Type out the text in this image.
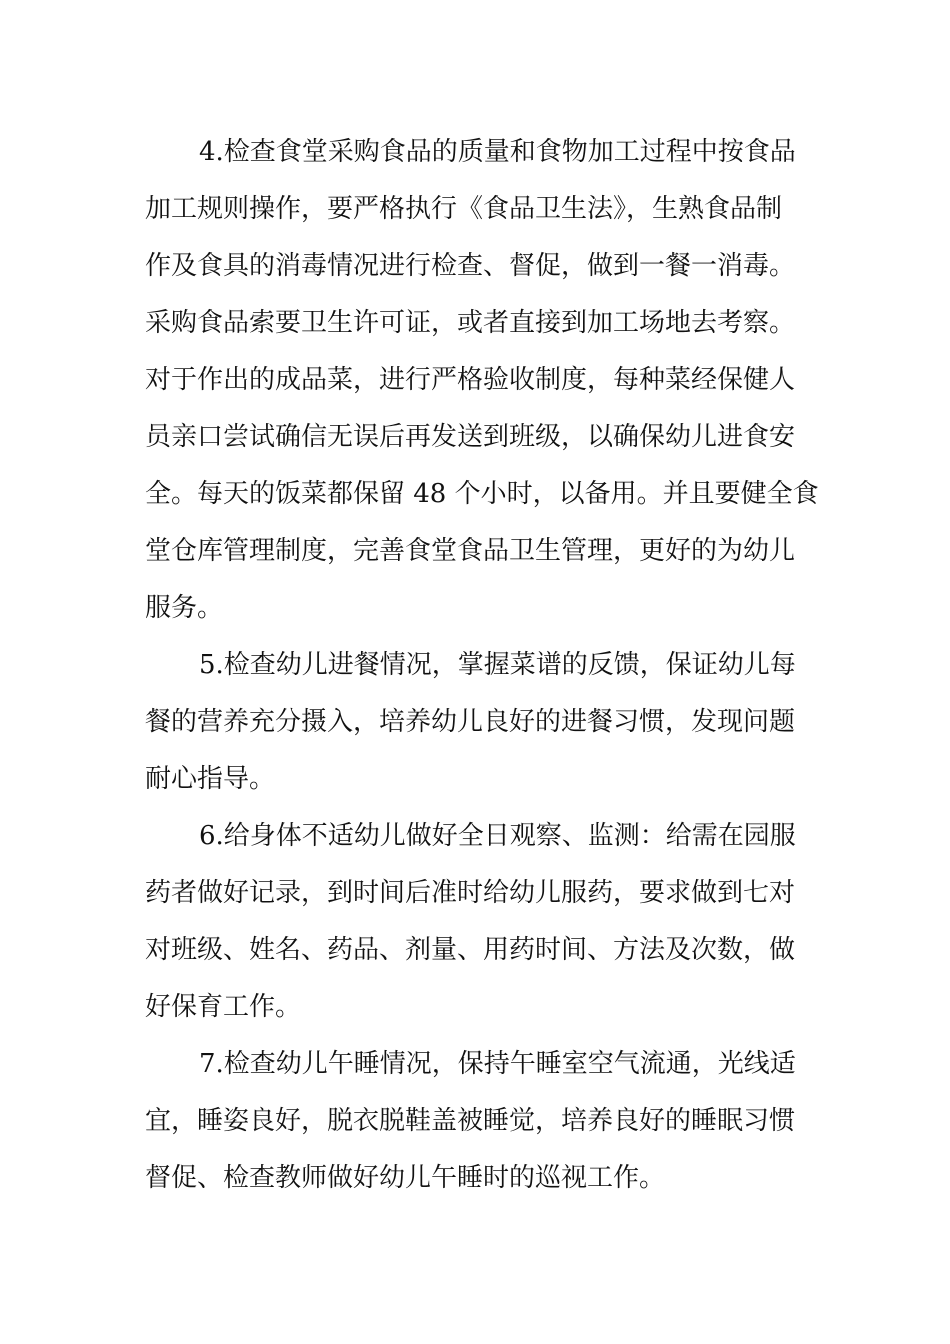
4.检查食堂采购食品的质量和食物加工过程中按食品
加工规则操作，要严格执行《食品卫生法》，生熟食品制
作及食具的消毒情况进行检查、督促，做到一餐一消毒。
采购食品索要卫生许可证，或者直接到加工场地去考察。
对于作出的成品菜，进行严格验收制度，每种菜经保健人
员亲口尝试确信无误后再发送到班级，以确保幼儿进食安
全。每天的饭菜都保留 48 个小时，以备用。并且要健全食
堂仓库管理制度，完善食堂食品卫生管理，更好的为幼儿
服务。

5.检查幼儿进餐情况，掌握菜谱的反馈，保证幼儿每
餐的营养充分摄入，培养幼儿良好的进餐习惯，发现问题
耐心指导。

6.给身体不适幼儿做好全日观察、监测：给需在园服
药者做好记录，到时间后准时给幼儿服药，要求做到七对
对班级、姓名、药品、剂量、用药时间、方法及次数，做
好保育工作。

7.检查幼儿午睡情况，保持午睡室空气流通，光线适
宜，睡姿良好，脱衣脱鞋盖被睡觉，培养良好的睡眠习惯
督促、检查教师做好幼儿午睡时的巡视工作。
